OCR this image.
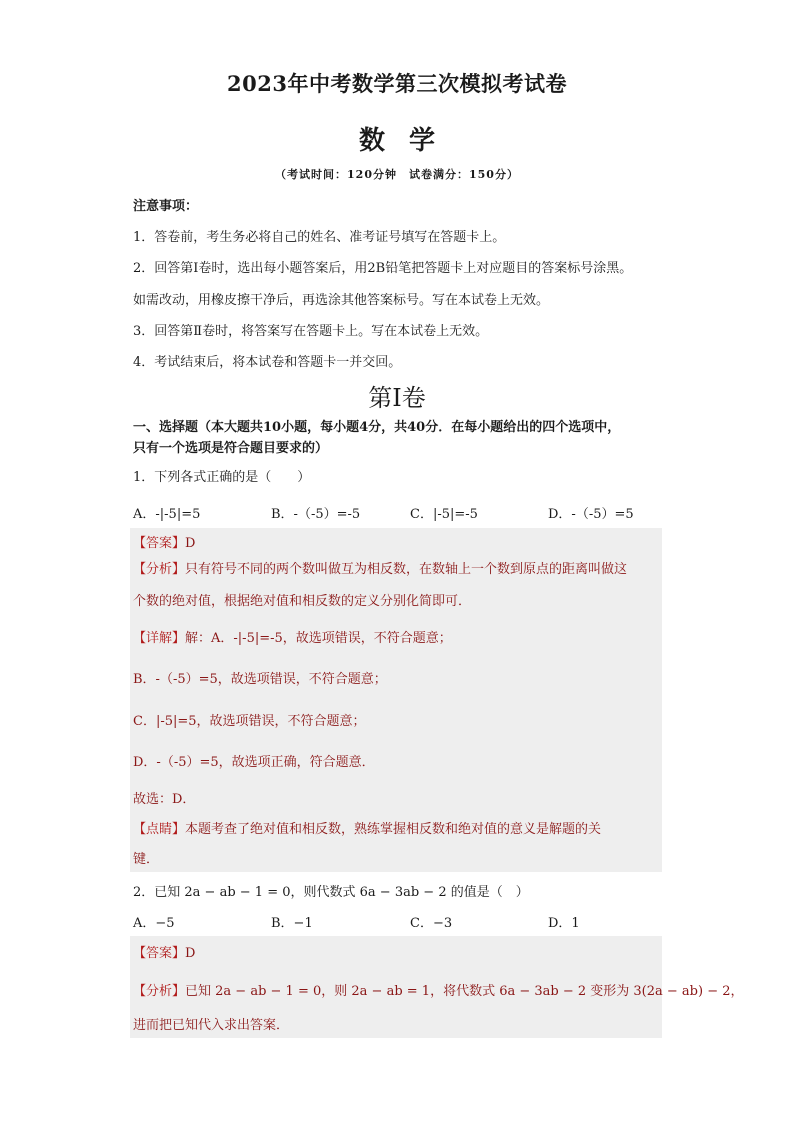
2023年中考数学第三次模拟考试卷
数学
（考试时间：120分钟　试卷满分：150分）
注意事项：
1．答卷前，考生务必将自己的姓名、准考证号填写在答题卡上。
2．回答第Ⅰ卷时，选出每小题答案后，用2B铅笔把答题卡上对应题目的答案标号涂黑。
如需改动，用橡皮擦干净后，再选涂其他答案标号。写在本试卷上无效。
3．回答第Ⅱ卷时，将答案写在答题卡上。写在本试卷上无效。
4．考试结束后，将本试卷和答题卡一并交回。
第Ⅰ卷
一、选择题（本大题共10小题，每小题4分，共40分．在每小题给出的四个选项中，
只有一个选项是符合题目要求的）
1．下列各式正确的是（　　）
A．-|-5|=5	B．-（-5）=-5	C．|-5|=-5	D．-（-5）=5
【答案】D
【分析】只有符号不同的两个数叫做互为相反数，在数轴上一个数到原点的距离叫做这
个数的绝对值，根据绝对值和相反数的定义分别化简即可．
【详解】解：A．-|-5|=-5，故选项错误，不符合题意；
B．-（-5）=5，故选项错误，不符合题意；
C．|-5|=5，故选项错误，不符合题意；
D．-（-5）=5，故选项正确，符合题意．
故选：D．
【点睛】本题考查了绝对值和相反数，熟练掌握相反数和绝对值的意义是解题的关
键．
2．已知 2a − ab − 1 = 0，则代数式 6a − 3ab − 2 的值是（　）
A．−5	B．−1	C．−3	D．1
【答案】D
【分析】已知 2a − ab − 1 = 0，则 2a − ab = 1，将代数式 6a − 3ab − 2 变形为 3(2a − ab) − 2，
进而把已知代入求出答案．
